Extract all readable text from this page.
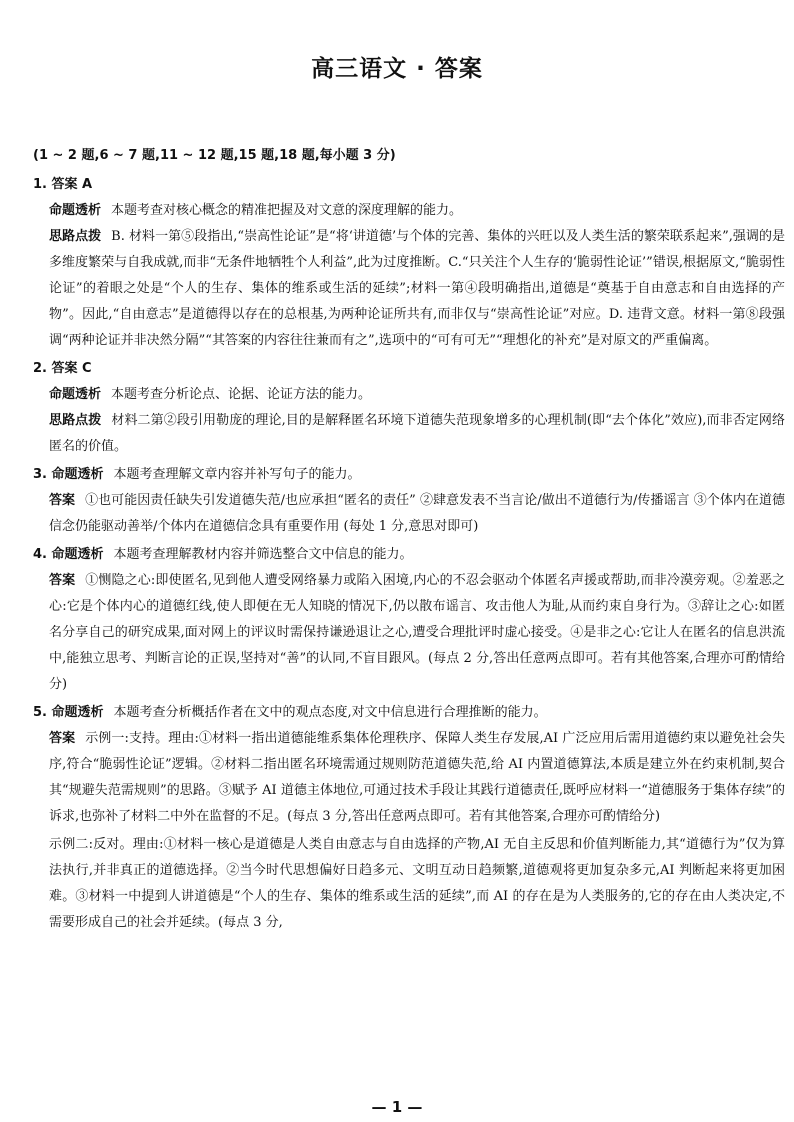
高三语文 · 答案
(1 ~ 2 题,6 ~ 7 题,11 ~ 12 题,15 题,18 题,每小题 3 分)
1. 答案 A
命题透析 本题考查对核心概念的精准把握及对文意的深度理解的能力。
思路点拨 B. 材料一第⑤段指出,“崇高性论证”是“将‘讲道德’与个体的完善、集体的兴旺以及人类生活的繁荣联系起来”,强调的是多维度繁荣与自我成就,而非“无条件地牺牲个人利益”,此为过度推断。C.“只关注个人生存的‘脆弱性论证’”错误,根据原文,“脆弱性论证”的着眼之处是“个人的生存、集体的维系或生活的延续”;材料一第④段明确指出,道德是“奠基于自由意志和自由选择的产物”。因此,“自由意志”是道德得以存在的总根基,为两种论证所共有,而非仅与“崇高性论证”对应。D. 违背文意。材料一第⑧段强调“两种论证并非决然分隔”“其答案的内容往往兼而有之”,选项中的“可有可无”“理想化的补充”是对原文的严重偏离。
2. 答案 C
命题透析 本题考查分析论点、论据、论证方法的能力。
思路点拨 材料二第②段引用勒庞的理论,目的是解释匿名环境下道德失范现象增多的心理机制(即“去个体化”效应),而非否定网络匿名的价值。
3. 命题透析 本题考查理解文章内容并补写句子的能力。
答案 ①也可能因责任缺失引发道德失范/也应承担“匿名的责任” ②肆意发表不当言论/做出不道德行为/传播谣言 ③个体内在道德信念仍能驱动善举/个体内在道德信念具有重要作用 (每处 1 分,意思对即可)
4. 命题透析 本题考查理解教材内容并筛选整合文中信息的能力。
答案 ①恻隐之心:即使匿名,见到他人遭受网络暴力或陷入困境,内心的不忍会驱动个体匿名声援或帮助,而非冷漠旁观。②羞恶之心:它是个体内心的道德红线,使人即便在无人知晓的情况下,仍以散布谣言、攻击他人为耻,从而约束自身行为。③辞让之心:如匿名分享自己的研究成果,面对网上的评议时需保持谦逊退让之心,遭受合理批评时虚心接受。④是非之心:它让人在匿名的信息洪流中,能独立思考、判断言论的正误,坚持对“善”的认同,不盲目跟风。(每点 2 分,答出任意两点即可。若有其他答案,合理亦可酌情给分)
5. 命题透析 本题考查分析概括作者在文中的观点态度,对文中信息进行合理推断的能力。
答案 示例一:支持。理由:①材料一指出道德能维系集体伦理秩序、保障人类生存发展,AI 广泛应用后需用道德约束以避免社会失序,符合“脆弱性论证”逻辑。②材料二指出匿名环境需通过规则防范道德失范,给 AI 内置道德算法,本质是建立外在约束机制,契合其“规避失范需规则”的思路。③赋予 AI 道德主体地位,可通过技术手段让其践行道德责任,既呼应材料一“道德服务于集体存续”的诉求,也弥补了材料二中外在监督的不足。(每点 3 分,答出任意两点即可。若有其他答案,合理亦可酌情给分)
示例二:反对。理由:①材料一核心是道德是人类自由意志与自由选择的产物,AI 无自主反思和价值判断能力,其“道德行为”仅为算法执行,并非真正的道德选择。②当今时代思想偏好日趋多元、文明互动日趋频繁,道德观将更加复杂多元,AI 判断起来将更加困难。③材料一中提到人讲道德是“个人的生存、集体的维系或生活的延续”,而 AI 的存在是为人类服务的,它的存在由人类决定,不需要形成自己的社会并延续。(每点 3 分,
— 1 —
